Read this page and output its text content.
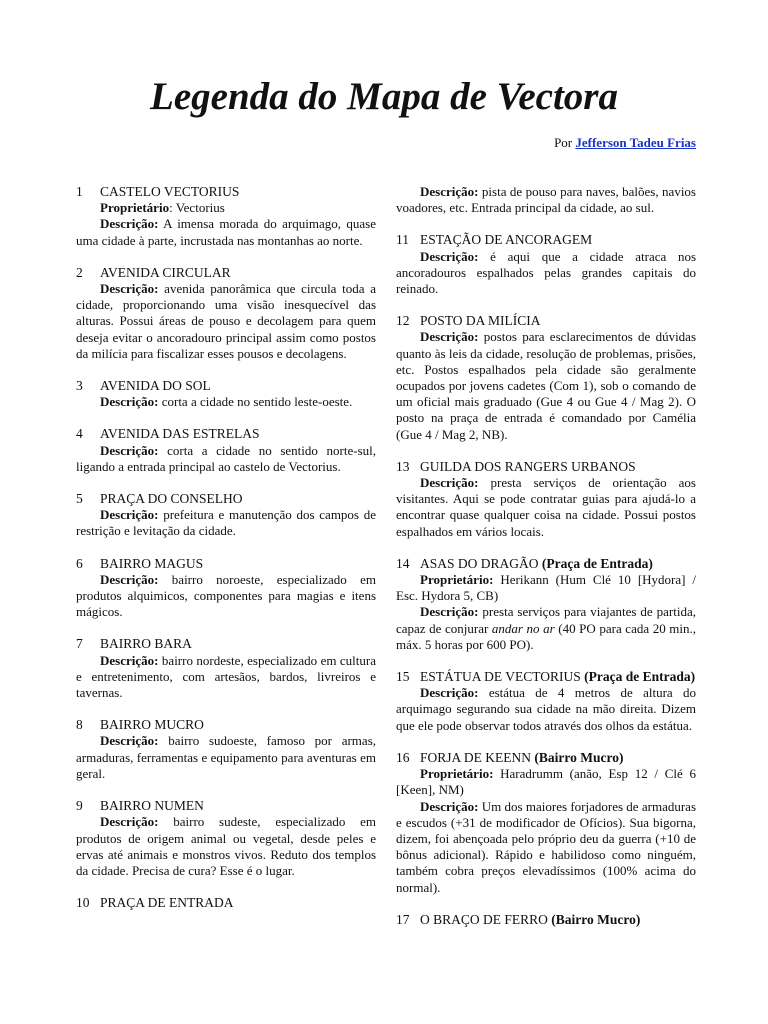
Legenda do Mapa de Vectora
Por Jefferson Tadeu Frias
1	CASTELO VECTORIUS

Proprietário: Vectorius

Descrição: A imensa morada do arquimago, quase uma cidade à parte, incrustada nas montanhas ao norte.

2	AVENIDA CIRCULAR

Descrição: avenida panorâmica que circula toda a cidade, proporcionando uma visão inesquecível das alturas. Possui áreas de pouso e decolagem para quem deseja evitar o ancoradouro principal assim como postos da milícia para fiscalizar esses pousos e decolagens.

3	AVENIDA DO SOL

Descrição: corta a cidade no sentido leste-oeste.

4	AVENIDA DAS ESTRELAS

Descrição: corta a cidade no sentido norte-sul, ligando a entrada principal ao castelo de Vectorius.

5	PRAÇA DO CONSELHO

Descrição: prefeitura e manutenção dos campos de restrição e levitação da cidade.

6	BAIRRO MAGUS

Descrição: bairro noroeste, especializado em produtos alquimicos, componentes para magias e itens mágicos.

7	BAIRRO BARA

Descrição: bairro nordeste, especializado em cultura e entretenimento, com artesãos, bardos, livreiros e tavernas.

8	BAIRRO MUCRO

Descrição: bairro sudoeste, famoso por armas, armaduras, ferramentas e equipamento para aventuras em geral.

9	BAIRRO NUMEN

Descrição: bairro sudeste, especializado em produtos de origem animal ou vegetal, desde peles e ervas até animais e monstros vivos. Reduto dos templos da cidade. Precisa de cura? Esse é o lugar.

10 PRAÇA DE ENTRADA

Descrição: pista de pouso para naves, balões, navios voadores, etc. Entrada principal da cidade, ao sul.

11 ESTAÇÃO DE ANCORAGEM

Descrição: é aqui que a cidade atraca nos ancoradouros espalhados pelas grandes capitais do reinado.

12 POSTO DA MILÍCIA

Descrição: postos para esclarecimentos de dúvidas quanto às leis da cidade, resolução de problemas, prisões, etc. Postos espalhados pela cidade são geralmente ocupados por jovens cadetes (Com 1), sob o comando de um oficial mais graduado (Gue 4 ou Gue 4 / Mag 2). O posto na praça de entrada é comandado por Camélia (Gue 4 / Mag 2, NB).

13 GUILDA DOS RANGERS URBANOS

Descrição: presta serviços de orientação aos visitantes. Aqui se pode contratar guias para ajudá-lo a encontrar quase qualquer coisa na cidade. Possui postos espalhados em vários locais.

14 ASAS DO DRAGÃO (Praça de Entrada)

Proprietário: Herikann (Hum Clé 10 [Hydora] / Esc. Hydora 5, CB)

Descrição: presta serviços para viajantes de partida, capaz de conjurar andar no ar (40 PO para cada 20 min., máx. 5 horas por 600 PO).

15 ESTÁTUA DE VECTORIUS (Praça de Entrada)

Descrição: estátua de 4 metros de altura do arquimago segurando sua cidade na mão direita. Dizem que ele pode observar todos através dos olhos da estátua.

16 FORJA DE KEENN (Bairro Mucro)

Proprietário: Haradrumm (anão, Esp 12 / Clé 6 [Keen], NM)

Descrição: Um dos maiores forjadores de armaduras e escudos (+31 de modificador de Ofícios). Sua bigorna, dizem, foi abençoada pelo próprio deu da guerra (+10 de bônus adicional). Rápido e habilidoso como ninguém, também cobra preços elevadíssimos (100% acima do normal).

17 O BRAÇO DE FERRO (Bairro Mucro)
